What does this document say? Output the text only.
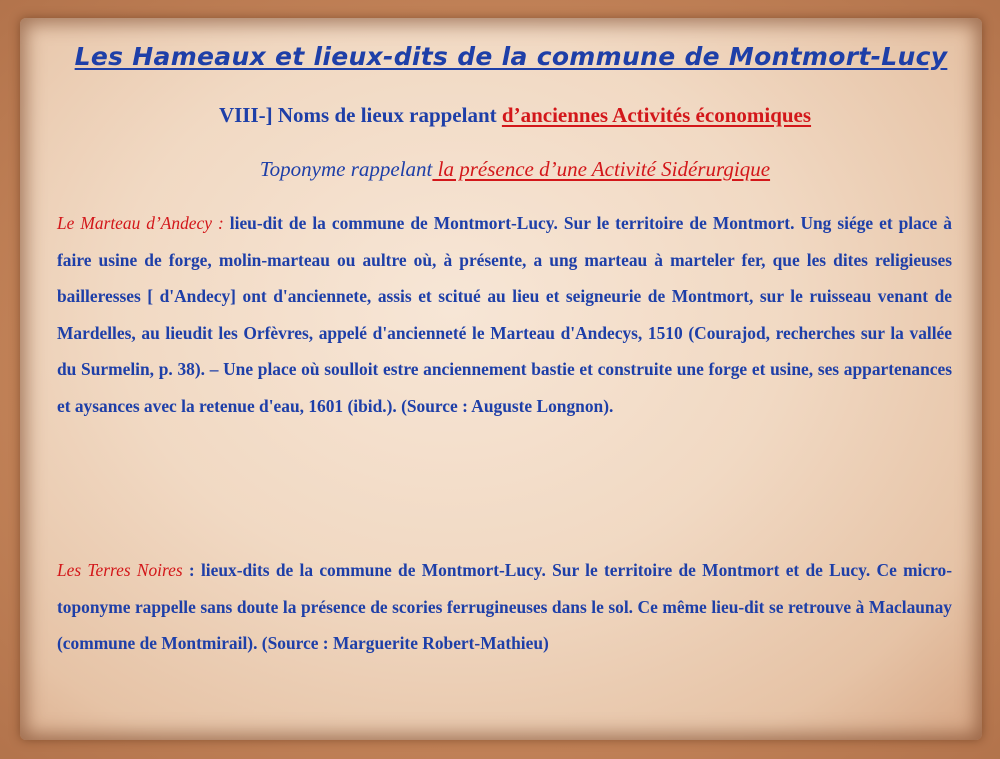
Les Hameaux et lieux-dits de la commune de Montmort-Lucy
VIII-] Noms de lieux rappelant d’anciennes Activités économiques
Toponyme rappelant la présence d’une Activité Sidérurgique
Le Marteau d’Andecy : lieu-dit de la commune de Montmort-Lucy. Sur le territoire de Montmort. Ung siége et place à faire usine de forge, molin-marteau ou aultre où, à présente, a ung marteau à marteler fer, que les dites religieuses bailleresses [ d'Andecy] ont d'anciennete, assis et scitué au lieu et seigneurie de Montmort, sur le ruisseau venant de Mardelles, au lieudit les Orfèvres, appelé d'ancienneté le Marteau d'Andecys, 1510 (Courajod, recherches sur la vallée du Surmelin, p. 38). – Une place où soulloit estre anciennement bastie et construite une forge et usine, ses appartenances et aysances avec la retenue d'eau, 1601 (ibid.). (Source : Auguste Longnon).
Les Terres Noires : lieux-dits de la commune de Montmort-Lucy. Sur le territoire de Montmort et de Lucy. Ce micro-toponyme rappelle sans doute la présence de scories ferrugineuses dans le sol. Ce même lieu-dit se retrouve à Maclaunay (commune de Montmirail). (Source : Marguerite Robert-Mathieu)
